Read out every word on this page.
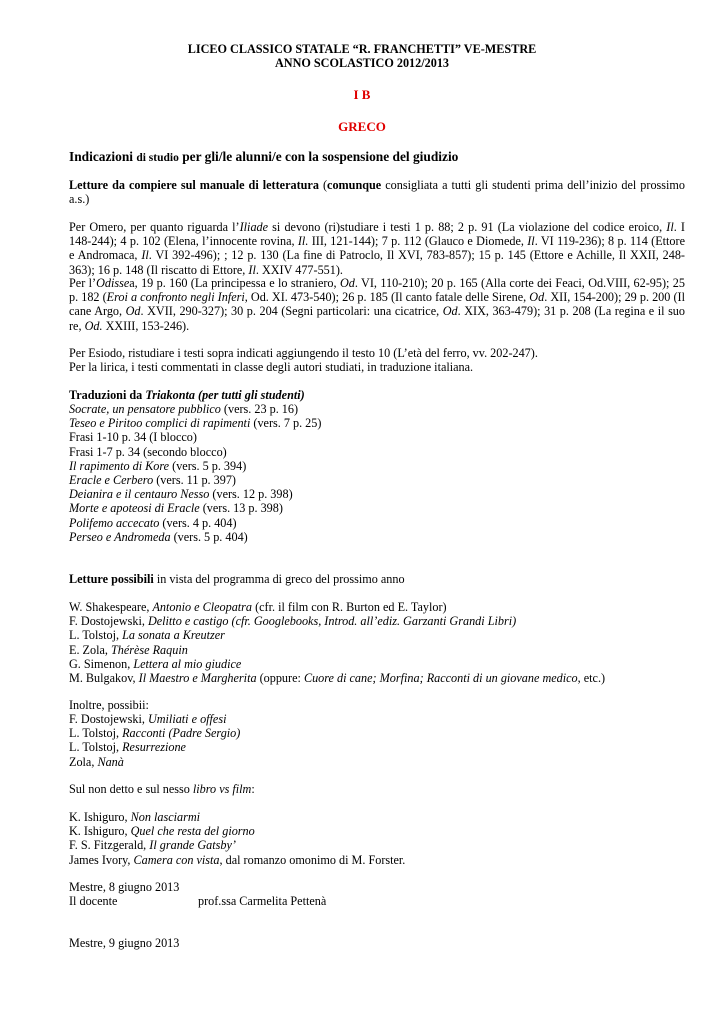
LICEO CLASSICO STATALE “R. FRANCHETTI” VE-MESTRE
ANNO SCOLASTICO 2012/2013
I B
GRECO
Indicazioni di studio per gli/le alunni/e con la sospensione del giudizio
Letture da compiere sul manuale di letteratura (comunque consigliata a tutti gli studenti prima dell’inizio del prossimo a.s.)
Per Omero, per quanto riguarda l’Iliade si devono (ri)studiare i testi 1 p. 88; 2 p. 91 (La violazione del codice eroico, Il. I 148-244); 4 p. 102 (Elena, l’innocente rovina, Il. III, 121-144); 7 p. 112 (Glauco e Diomede, Il. VI 119-236); 8 p. 114 (Ettore e Andromaca, Il. VI 392-496); ; 12 p. 130 (La fine di Patroclo, Il XVI, 783-857); 15 p. 145 (Ettore e Achille, Il XXII, 248-363); 16 p. 148 (Il riscatto di Ettore, Il. XXIV 477-551).
Per l’Odissea, 19 p. 160 (La principessa e lo straniero, Od. VI, 110-210); 20 p. 165 (Alla corte dei Feaci, Od.VIII, 62-95); 25 p. 182 (Eroi a confronto negli Inferi, Od. XI. 473-540); 26 p. 185 (Il canto fatale delle Sirene, Od. XII, 154-200); 29 p. 200 (Il cane Argo, Od. XVII, 290-327); 30 p. 204 (Segni particolari: una cicatrice, Od. XIX, 363-479); 31 p. 208 (La regina e il suo re, Od. XXIII, 153-246).
Per Esiodo, ristudiare i testi sopra indicati aggiungendo il testo 10 (L’età del ferro, vv. 202-247).
Per la lirica, i testi commentati in classe degli autori studiati, in traduzione italiana.
Traduzioni da Triakonta (per tutti gli studenti)
Socrate, un pensatore pubblico (vers. 23 p. 16)
Teseo e Piritoo complici di rapimenti (vers. 7 p. 25)
Frasi 1-10 p. 34 (I blocco)
Frasi 1-7 p. 34 (secondo blocco)
Il rapimento di Kore (vers. 5 p. 394)
Eracle e Cerbero (vers. 11 p. 397)
Deianira e il centauro Nesso (vers. 12 p. 398)
Morte e apoteosi di Eracle (vers. 13 p. 398)
Polifemo accecato (vers. 4 p. 404)
Perseo e Andromeda (vers. 5 p. 404)
Letture possibili in vista del programma di greco del prossimo anno
W. Shakespeare, Antonio e Cleopatra (cfr. il film con R. Burton ed E. Taylor)
F. Dostojewski, Delitto e castigo (cfr. Googlebooks, Introd. all’ediz. Garzanti Grandi Libri)
L. Tolstoj, La sonata a Kreutzer
E. Zola, Thérèse Raquin
G. Simenon, Lettera al mio giudice
M. Bulgakov, Il Maestro e Margherita (oppure: Cuore di cane; Morfina; Racconti di un giovane medico, etc.)
Inoltre, possibii:
F. Dostojewski, Umiliati e offesi
L. Tolstoj, Racconti (Padre Sergio)
L. Tolstoj, Resurrezione
Zola, Nanà
Sul non detto e sul nesso libro vs film:
K. Ishiguro, Non lasciarmi
K. Ishiguro, Quel che resta del giorno
F. S. Fitzgerald, Il grande Gatsby’
James Ivory, Camera con vista, dal romanzo omonimo di M. Forster.
Mestre, 8 giugno 2013
Il docente	prof.ssa Carmelita Pettenà
Mestre, 9 giugno 2013
